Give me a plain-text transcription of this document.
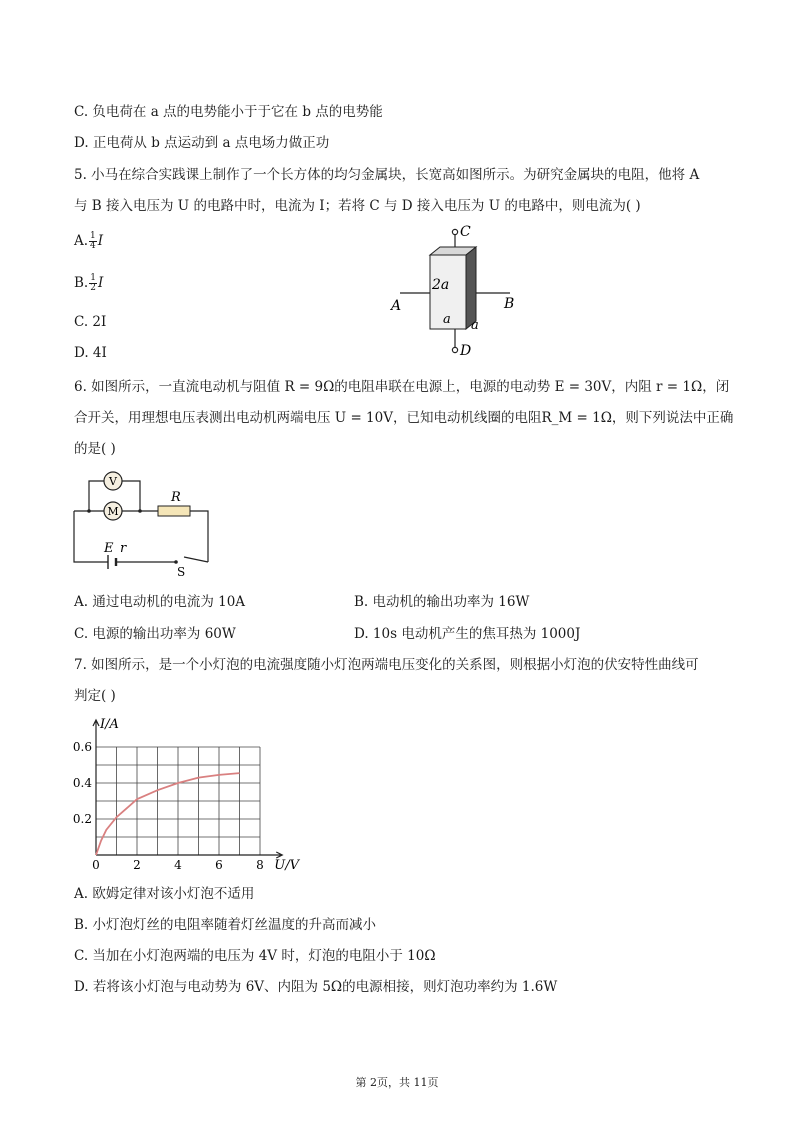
C. 负电荷在 a 点的电势能小于于它在 b 点的电势能
D. 正电荷从 b 点运动到 a 点电场力做正功
5. 小马在综合实践课上制作了一个长方体的均匀金属块，长宽高如图所示。为研究金属块的电阻，他将 A
与 B 接入电压为 U 的电路中时，电流为 I；若将 C 与 D 接入电压为 U 的电路中，则电流为( )
A. $\frac{1}{4}$ I
B. $\frac{1}{2}$ I
C. 2I
D. 4I
C
A	B
2a
a a
D
6. 如图所示，一直流电动机与阻值 R = 9Ω的电阻串联在电源上，电源的电动势 E = 30V，内阻 r = 1Ω，闭
合开关，用理想电压表测出电动机两端电压 U = 10V，已知电动机线圈的电阻R_M = 1Ω，则下列说法中正确
的是( )
V
M
R
E r
S
A. 通过电动机的电流为 10A	B. 电动机的输出功率为 16W
C. 电源的输出功率为 60W	D. 10s 电动机产生的焦耳热为 1000J
7. 如图所示，是一个小灯泡的电流强度随小灯泡两端电压变化的关系图，则根据小灯泡的伏安特性曲线可
判定( )
0	2	4	6	8
0.2
0.4
0.6
I/A
U/V
A. 欧姆定律对该小灯泡不适用
B. 小灯泡灯丝的电阻率随着灯丝温度的升高而减小
C. 当加在小灯泡两端的电压为 4V 时，灯泡的电阻小于 10Ω
D. 若将该小灯泡与电动势为 6V、内阻为 5Ω的电源相接，则灯泡功率约为 1.6W
第 2页，共 11页
